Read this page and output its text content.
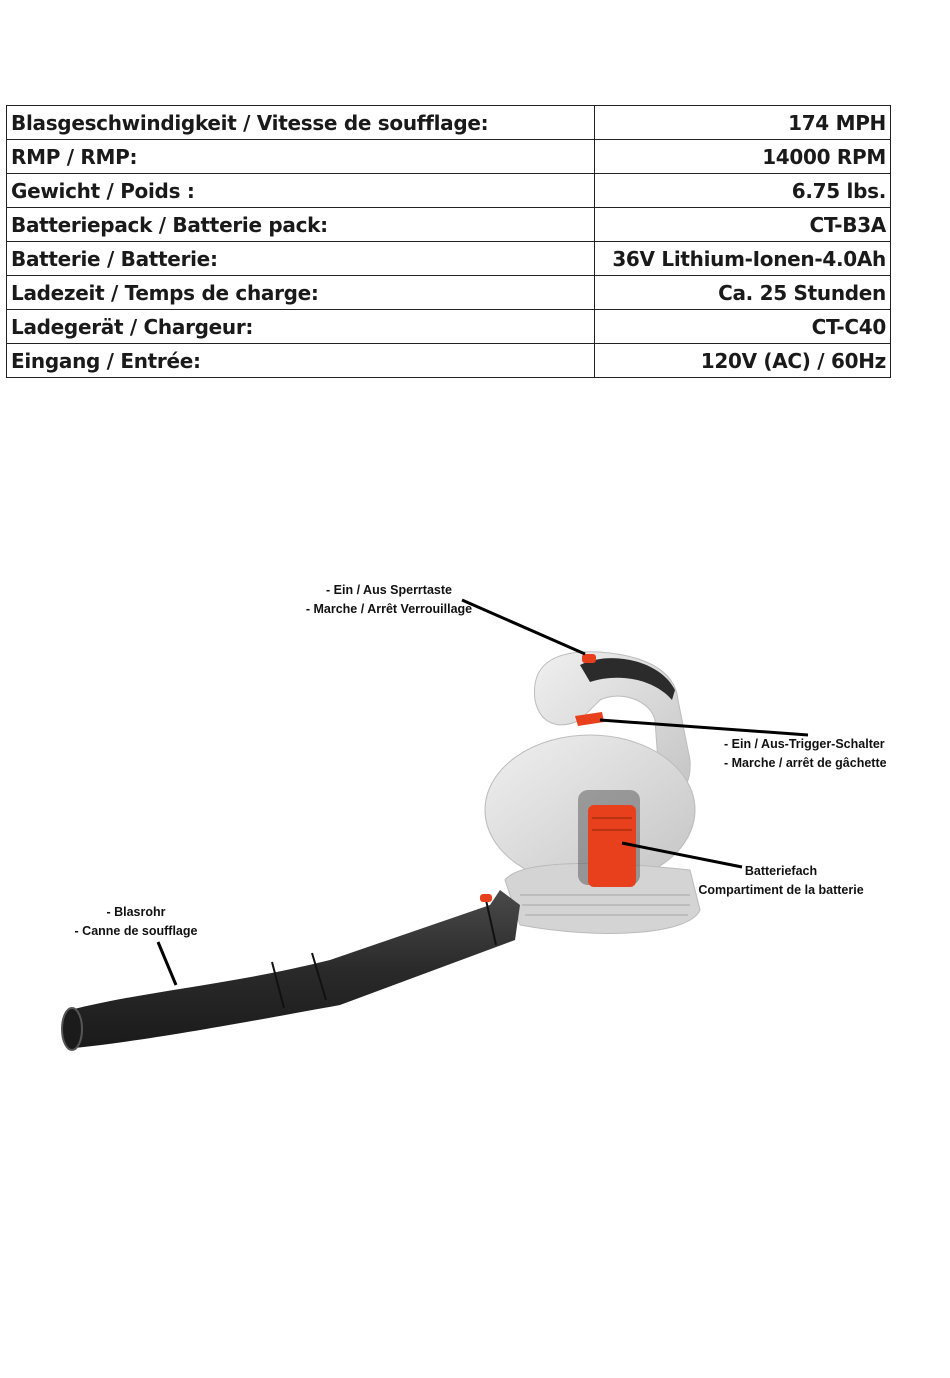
Blasgeschwindigkeit / Vitesse de soufflage:	174 MPH
RMP / RMP:	14000 RPM
Gewicht / Poids :	6.75 lbs.
Batteriepack / Batterie pack:	CT-B3A
Batterie / Batterie:	36V Lithium-Ionen-4.0Ah
Ladezeit / Temps de charge:	Ca. 25 Stunden
Ladegerät / Chargeur:	CT-C40
Eingang / Entrée:	120V (AC) / 60Hz
- Ein / Aus Sperrtaste
- Marche / Arrêt Verrouillage
- Ein / Aus-Trigger-Schalter
- Marche / arrêt de gâchette
Batteriefach
Compartiment de la batterie
- Blasrohr
- Canne de soufflage
